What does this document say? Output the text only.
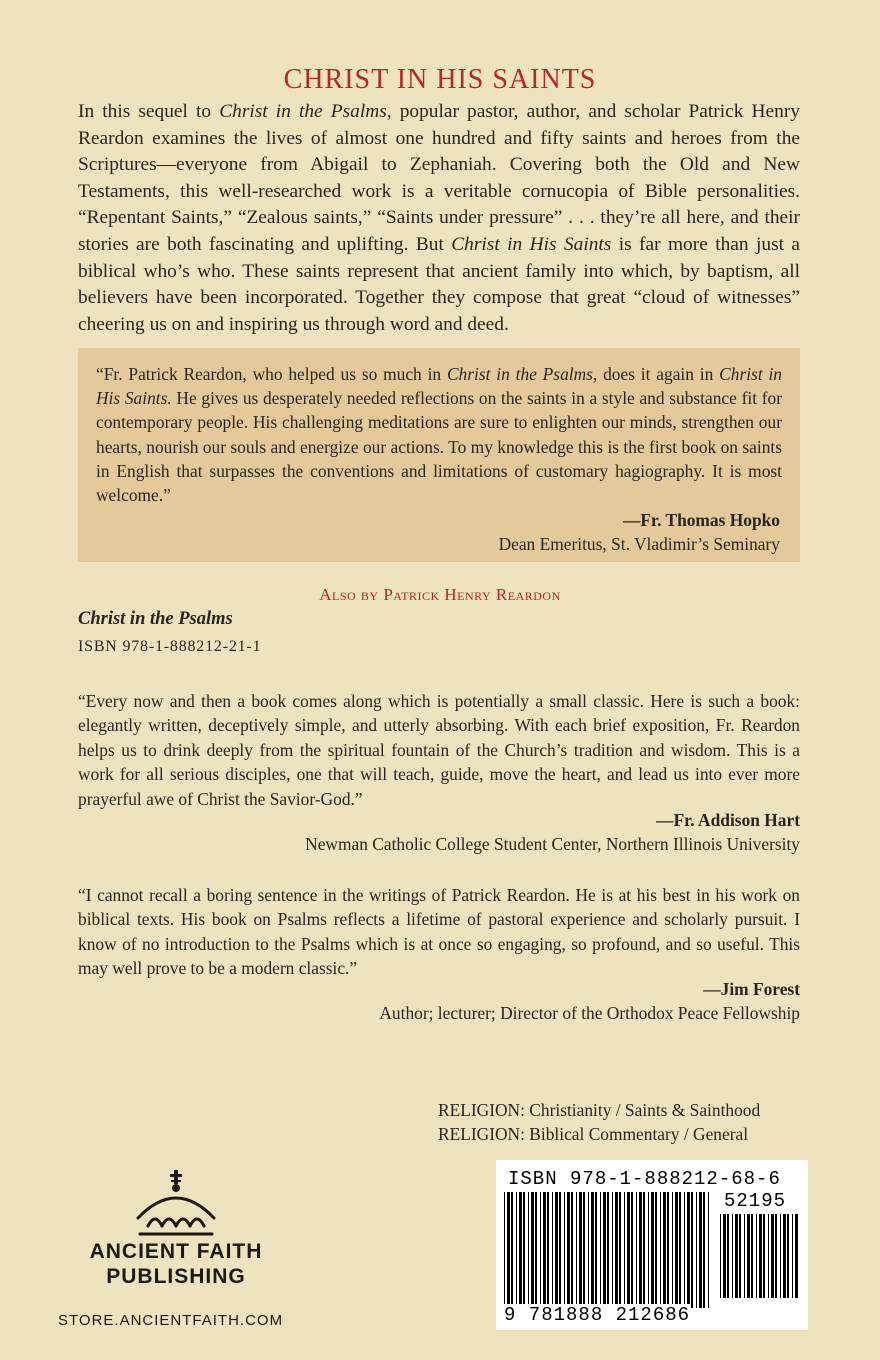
CHRIST IN HIS SAINTS

In this sequel to Christ in the Psalms, popular pastor, author, and scholar Patrick Henry Reardon examines the lives of almost one hundred and fifty saints and heroes from the Scriptures—everyone from Abigail to Zephaniah. Covering both the Old and New Testaments, this well-researched work is a veritable cornucopia of Bible personalities. “Repentant Saints,” “Zealous saints,” “Saints under pressure” . . . they’re all here, and their stories are both fascinating and uplifting. But Christ in His Saints is far more than just a biblical who’s who. These saints represent that ancient family into which, by baptism, all believers have been incorporated. Together they compose that great “cloud of witnesses” cheering us on and inspiring us through word and deed.

“Fr. Patrick Reardon, who helped us so much in Christ in the Psalms, does it again in Christ in His Saints. He gives us desperately needed reflections on the saints in a style and substance fit for contemporary people. His challenging meditations are sure to enlighten our minds, strengthen our hearts, nourish our souls and energize our actions. To my knowledge this is the first book on saints in English that surpasses the conventions and limitations of customary hagiography. It is most welcome.”

—Fr. Thomas Hopko
Dean Emeritus, St. Vladimir’s Seminary
Also by Patrick Henry Reardon
Christ in the Psalms
ISBN 978-1-888212-21-1

“Every now and then a book comes along which is potentially a small classic. Here is such a book: elegantly written, deceptively simple, and utterly absorbing. With each brief exposition, Fr. Reardon helps us to drink deeply from the spiritual fountain of the Church’s tradition and wisdom. This is a work for all serious disciples, one that will teach, guide, move the heart, and lead us into ever more prayerful awe of Christ the Savior-God.”

—Fr. Addison Hart
Newman Catholic College Student Center, Northern Illinois University

“I cannot recall a boring sentence in the writings of Patrick Reardon. He is at his best in his work on biblical texts. His book on Psalms reflects a lifetime of pastoral experience and scholarly pursuit. I know of no introduction to the Psalms which is at once so engaging, so profound, and so useful. This may well prove to be a modern classic.”

—Jim Forest
Author; lecturer; Director of the Orthodox Peace Fellowship
RELIGION: Christianity / Saints & Sainthood
RELIGION: Biblical Commentary / General
ANCIENT FAITH
PUBLISHING
STORE.ANCIENTFAITH.COM
ISBN 978-1-888212-68-6
52195
9 781888 212686
